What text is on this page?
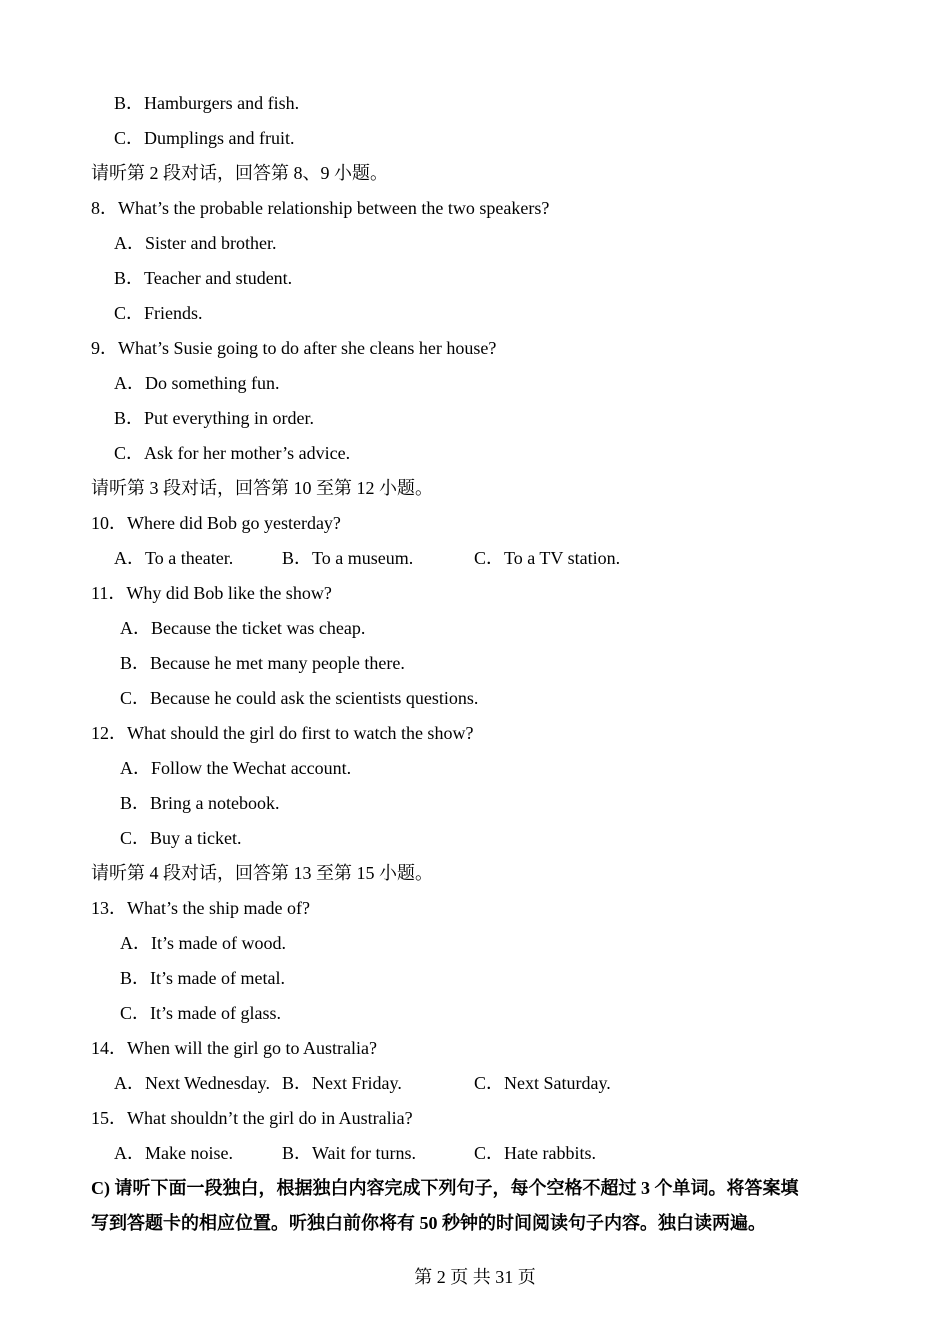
B．Hamburgers and fish.
C．Dumplings and fruit.
请听第 2 段对话，回答第 8、9 小题。
8．What’s the probable relationship between the two speakers?
A．Sister and brother.
B．Teacher and student.
C．Friends.
9．What’s Susie going to do after she cleans her house?
A．Do something fun.
B．Put everything in order.
C．Ask for her mother’s advice.
请听第 3 段对话，回答第 10 至第 12 小题。
10．Where did Bob go yesterday?
A．To a theater.	B．To a museum.	C．To a TV station.
11．Why did Bob like the show?
A．Because the ticket was cheap.
B．Because he met many people there.
C．Because he could ask the scientists questions.
12．What should the girl do first to watch the show?
A．Follow the Wechat account.
B．Bring a notebook.
C．Buy a ticket.
请听第 4 段对话，回答第 13 至第 15 小题。
13．What’s the ship made of?
A．It’s made of wood.
B．It’s made of metal.
C．It’s made of glass.
14．When will the girl go to Australia?
A．Next Wednesday. B．Next Friday.	C．Next Saturday.
15．What shouldn’t the girl do in Australia?
A．Make noise.	B．Wait for turns.	C．Hate rabbits.
C) 请听下面一段独白，根据独白内容完成下列句子，每个空格不超过 3 个单词。将答案填
写到答题卡的相应位置。听独白前你将有 50 秒钟的时间阅读句子内容。独白读两遍。
第 2 页 共 31 页
